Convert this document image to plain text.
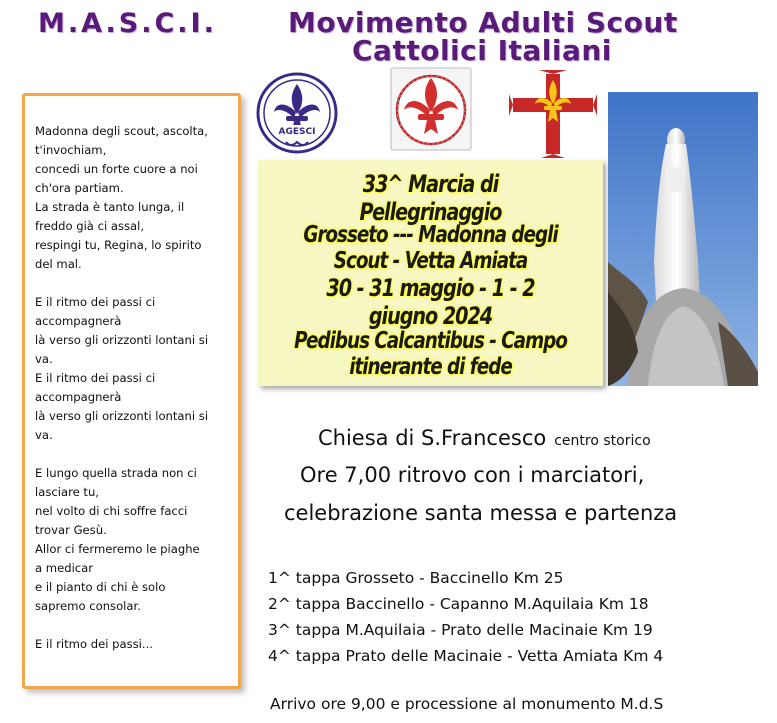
M.A.S.C.I.	Movimento Adulti Scout
Cattolici Italiani
Madonna degli scout, ascolta,
t'invochiam,
concedi un forte cuore a noi
ch'ora partiam.
La strada è tanto lunga, il
freddo già ci assal,
respingi tu, Regina, lo spirito
del mal.

E il ritmo dei passi ci
accompagnerà
là verso gli orizzonti lontani si
va.
E il ritmo dei passi ci
accompagnerà
là verso gli orizzonti lontani si
va.

E lungo quella strada non ci
lasciare tu,
nel volto di chi soffre facci
trovar Gesù.
Allor ci fermeremo le piaghe
a medicar
e il pianto di chi è solo
sapremo consolar.

E il ritmo dei passi...
AGESCI
33^ Marcia di Pellegrinaggio
Grosseto --- Madonna degli Scout - Vetta Amiata
30 - 31 maggio - 1 - 2 giugno 2024
Pedibus Calcantibus - Campo itinerante di fede
Chiesa di S.Francesco centro storico
Ore 7,00 ritrovo con i marciatori,
celebrazione santa messa e partenza
1^ tappa Grosseto - Baccinello Km 25
2^ tappa Baccinello - Capanno M.Aquilaia Km 18
3^ tappa M.Aquilaia - Prato delle Macinaie Km 19
4^ tappa Prato delle Macinaie - Vetta Amiata Km 4
Arrivo ore 9,00 e processione al monumento M.d.S
